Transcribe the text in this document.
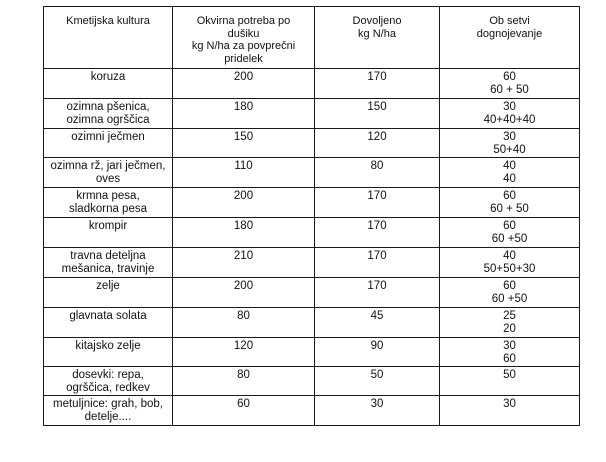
Kmetijska kultura	Okvirna potreba po
dušiku
kg N/ha za povprečni
pridelek	Dovoljeno
kg N/ha	Ob setvi
dognojevanje

koruza	200	170	60
60 + 50

ozimna pšenica, ozimna ogrščica	180	150	30
40+40+40

ozimni ječmen	150	120	30
50+40

ozimna rž, jari ječmen, oves	110	80	40
40

krmna pesa, sladkorna pesa	200	170	60
60 + 50

krompir	180	170	60
60 +50

travna deteljna mešanica, travinje	210	170	40
50+50+30

zelje	200	170	60
60 +50

glavnata solata	80	45	25
20

kitajsko zelje	120	90	30
60

dosevki: repa, ogrščica, redkev	80	50	50

metuljnice: grah, bob, detelje....	60	30	30
